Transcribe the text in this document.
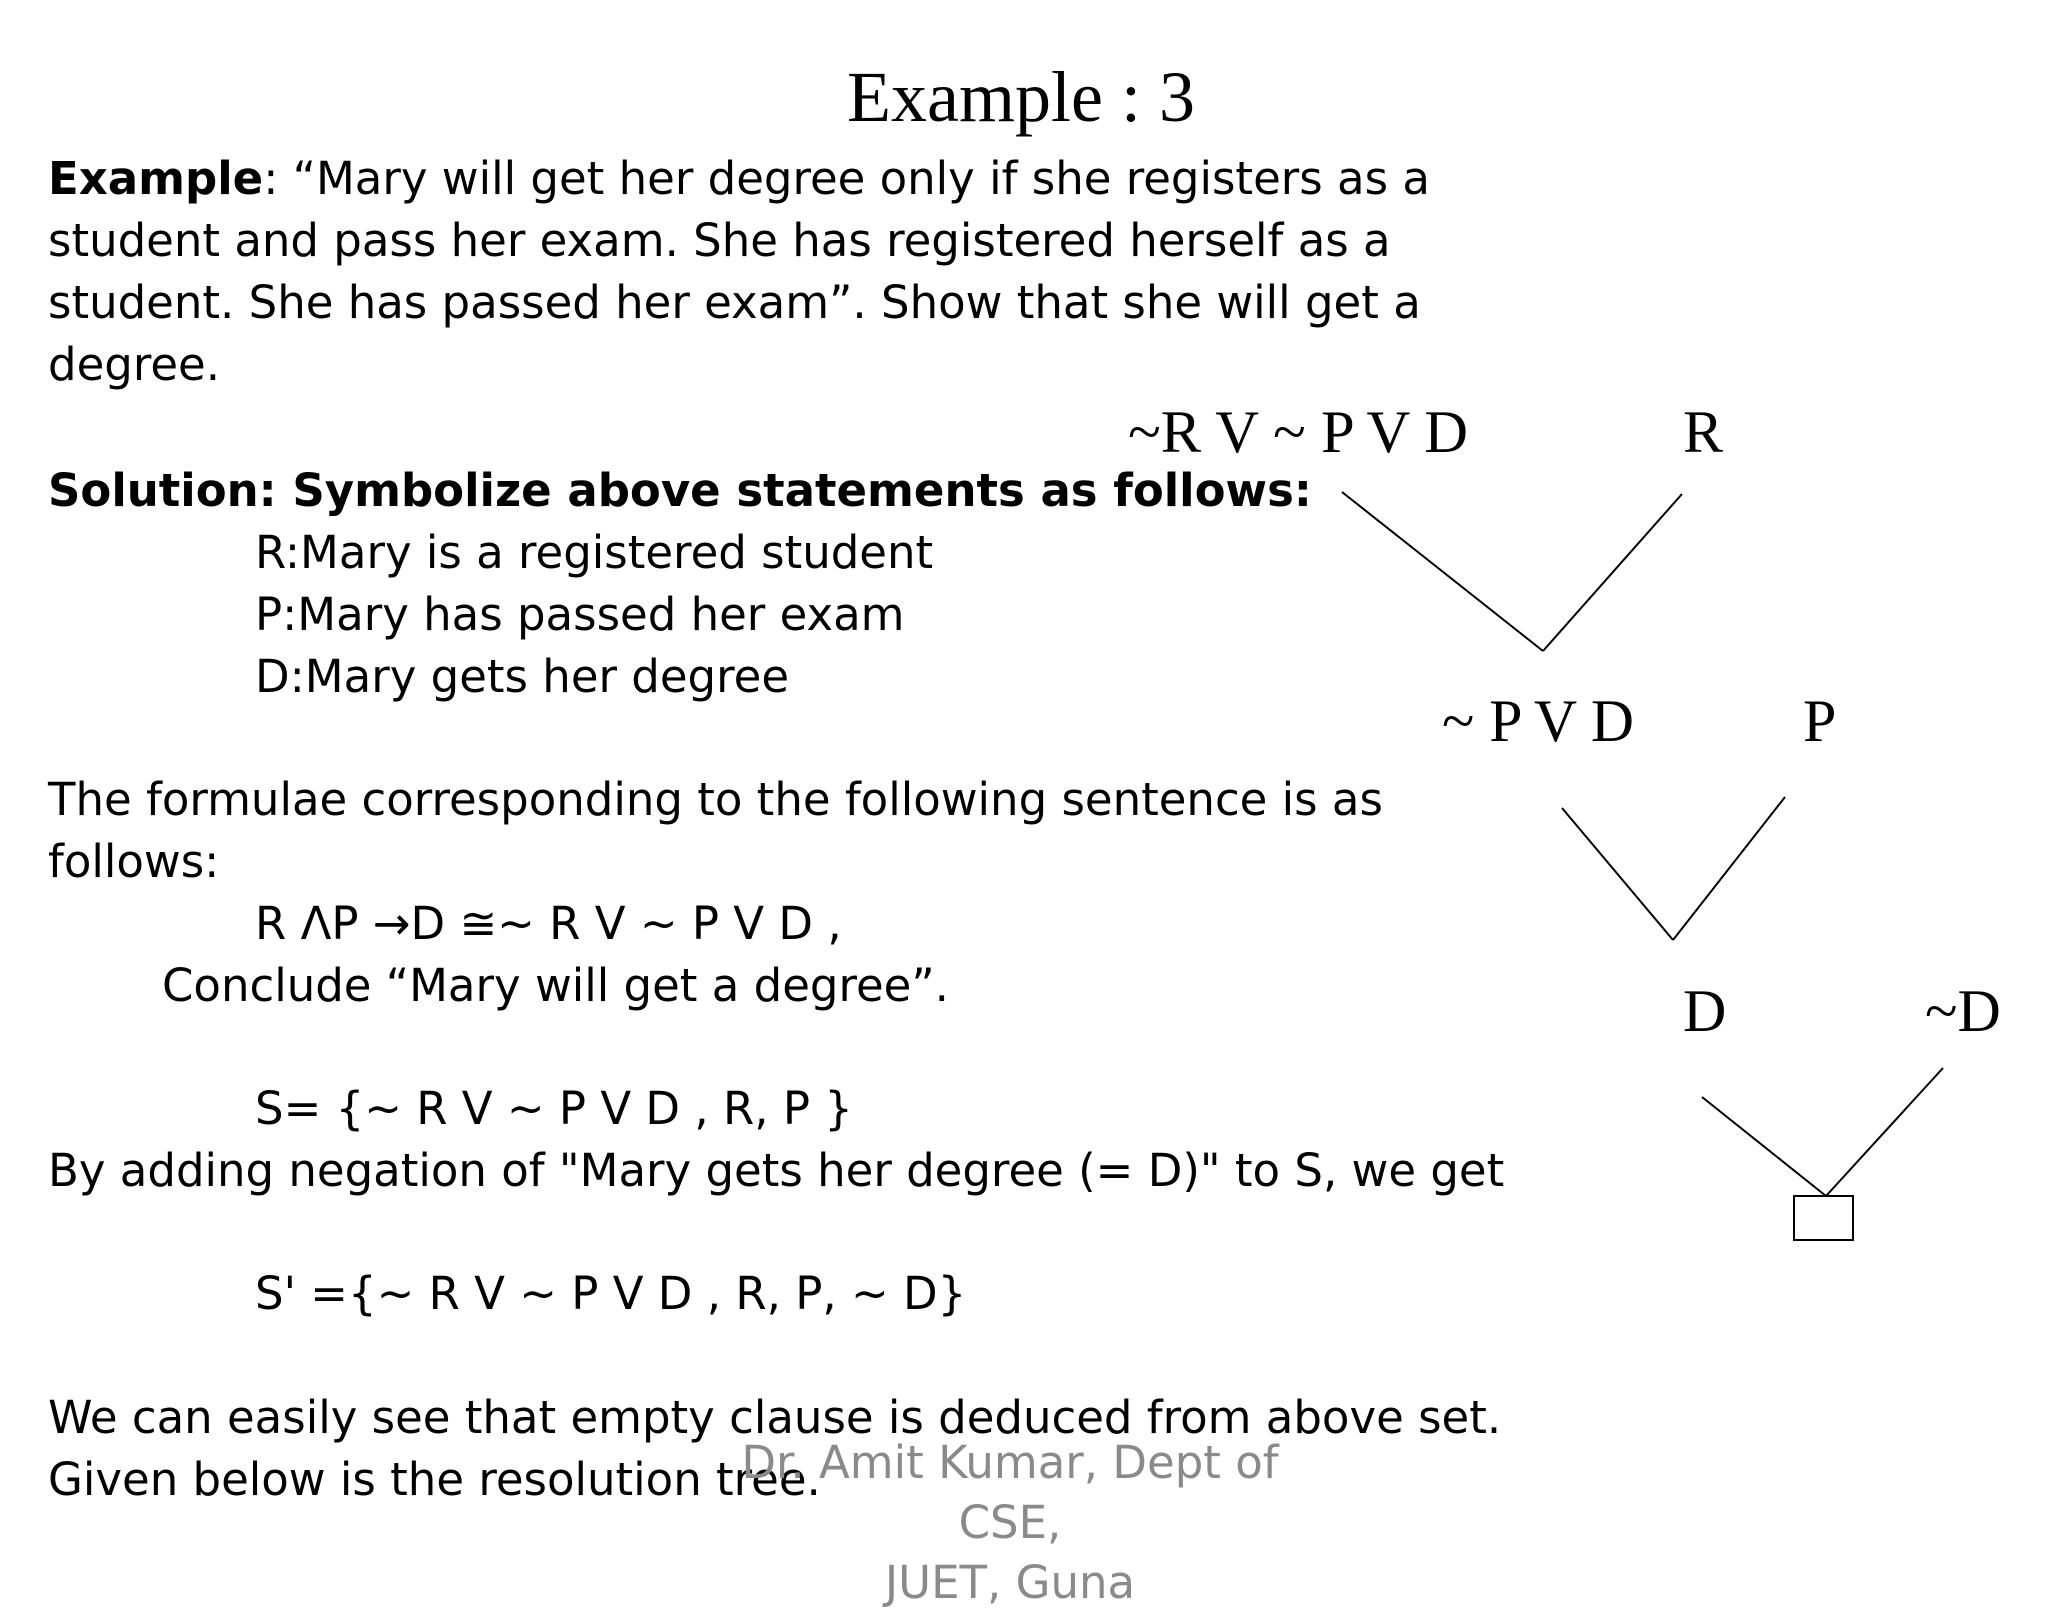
Example : 3
Example: “Mary will get her degree only if she registers as a
student and pass her exam. She has registered herself as a
student. She has passed her exam”. Show that she will get a
degree.
Solution: Symbolize above statements as follows:
R:Mary is a registered student
P:Mary has passed her exam
D:Mary gets her degree
The formulae corresponding to the following sentence is as
follows:
R ΛP →D ≅~ R V ~ P V D ,
Conclude “Mary will get a degree”.
S= {~ R V ~ P V D , R, P }
By adding negation of "Mary gets her degree (= D)" to S, we get
S' ={~ R V ~ P V D , R, P, ~ D}
We can easily see that empty clause is deduced from above set.
Given below is the resolution tree.
~R V ~ P V D	R
~ P V D	P
D	~D
Dr. Amit Kumar, Dept of CSE,
JUET, Guna
